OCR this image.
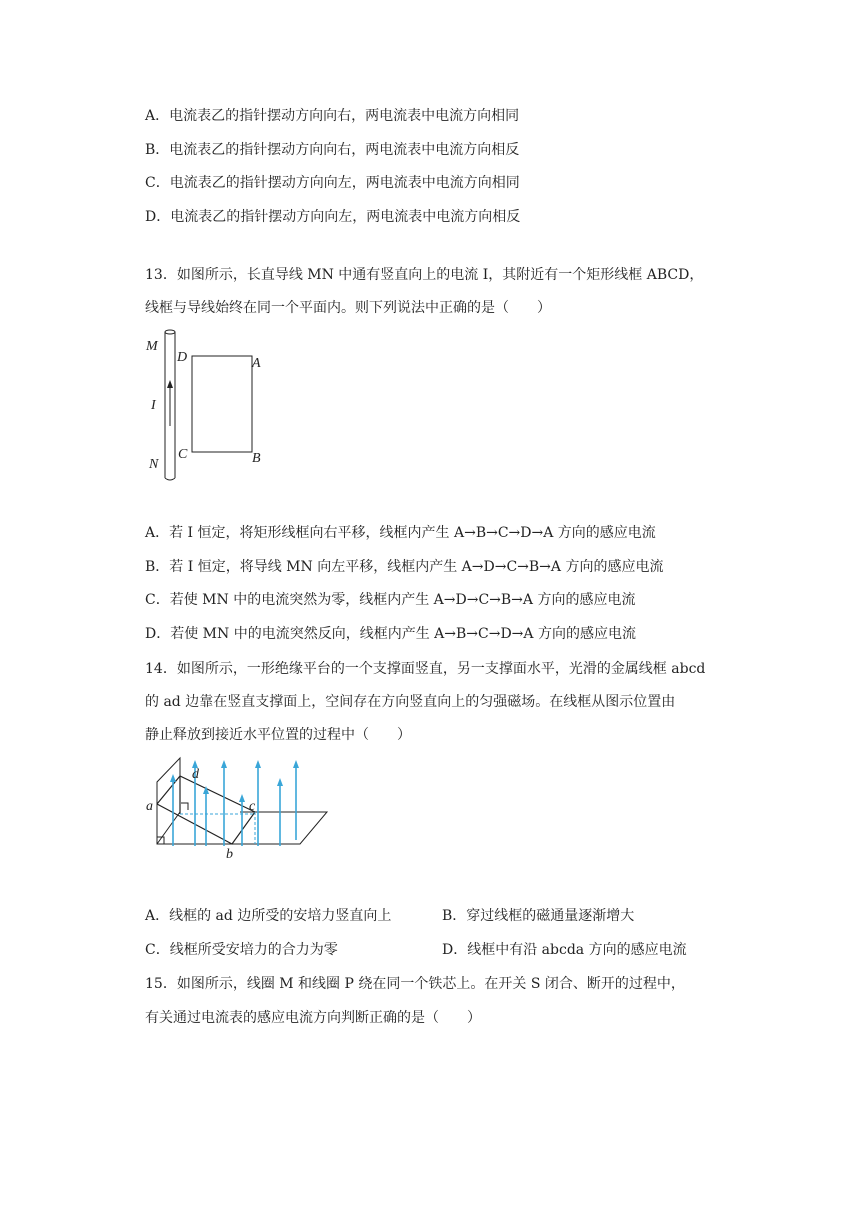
A．电流表乙的指针摆动方向向右，两电流表中电流方向相同
B．电流表乙的指针摆动方向向右，两电流表中电流方向相反
C．电流表乙的指针摆动方向向左，两电流表中电流方向相同
D．电流表乙的指针摆动方向向左，两电流表中电流方向相反
13．如图所示，长直导线 MN 中通有竖直向上的电流 I，其附近有一个矩形线框 ABCD，
线框与导线始终在同一个平面内。则下列说法中正确的是（　　）
M
N
I
D	A
C	B
A．若 I 恒定，将矩形线框向右平移，线框内产生 A→B→C→D→A 方向的感应电流
B．若 I 恒定，将导线 MN 向左平移，线框内产生 A→D→C→B→A 方向的感应电流
C．若使 MN 中的电流突然为零，线框内产生 A→D→C→B→A 方向的感应电流
D．若使 MN 中的电流突然反向，线框内产生 A→B→C→D→A 方向的感应电流
14．如图所示，一形绝缘平台的一个支撑面竖直，另一支撑面水平，光滑的金属线框 abcd
的 ad 边靠在竖直支撑面上，空间存在方向竖直向上的匀强磁场。在线框从图示位置由
静止释放到接近水平位置的过程中（　　）
a
b
c
d
A．线框的 ad 边所受的安培力竖直向上	B．穿过线框的磁通量逐渐增大
C．线框所受安培力的合力为零	D．线框中有沿 abcda 方向的感应电流
15．如图所示，线圈 M 和线圈 P 绕在同一个铁芯上。在开关 S 闭合、断开的过程中，
有关通过电流表的感应电流方向判断正确的是（　　）
